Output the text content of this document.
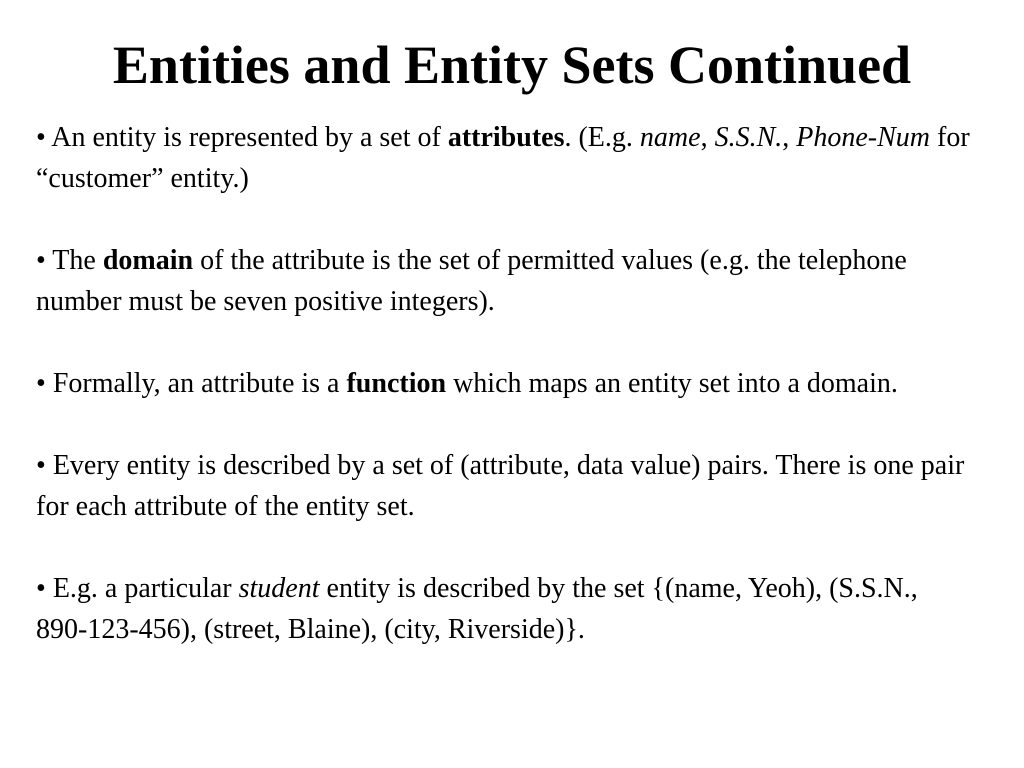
Entities and Entity Sets Continued

• An entity is represented by a set of attributes. (E.g. name, S.S.N., Phone-Num for “customer” entity.)

• The domain of the attribute is the set of permitted values (e.g. the telephone number must be seven positive integers).

• Formally, an attribute is a function which maps an entity set into a domain.

• Every entity is described by a set of (attribute, data value) pairs. There is one pair for each attribute of the entity set.

• E.g. a particular student entity is described by the set {(name, Yeoh), (S.S.N., 890-123-456), (street, Blaine), (city, Riverside)}.
